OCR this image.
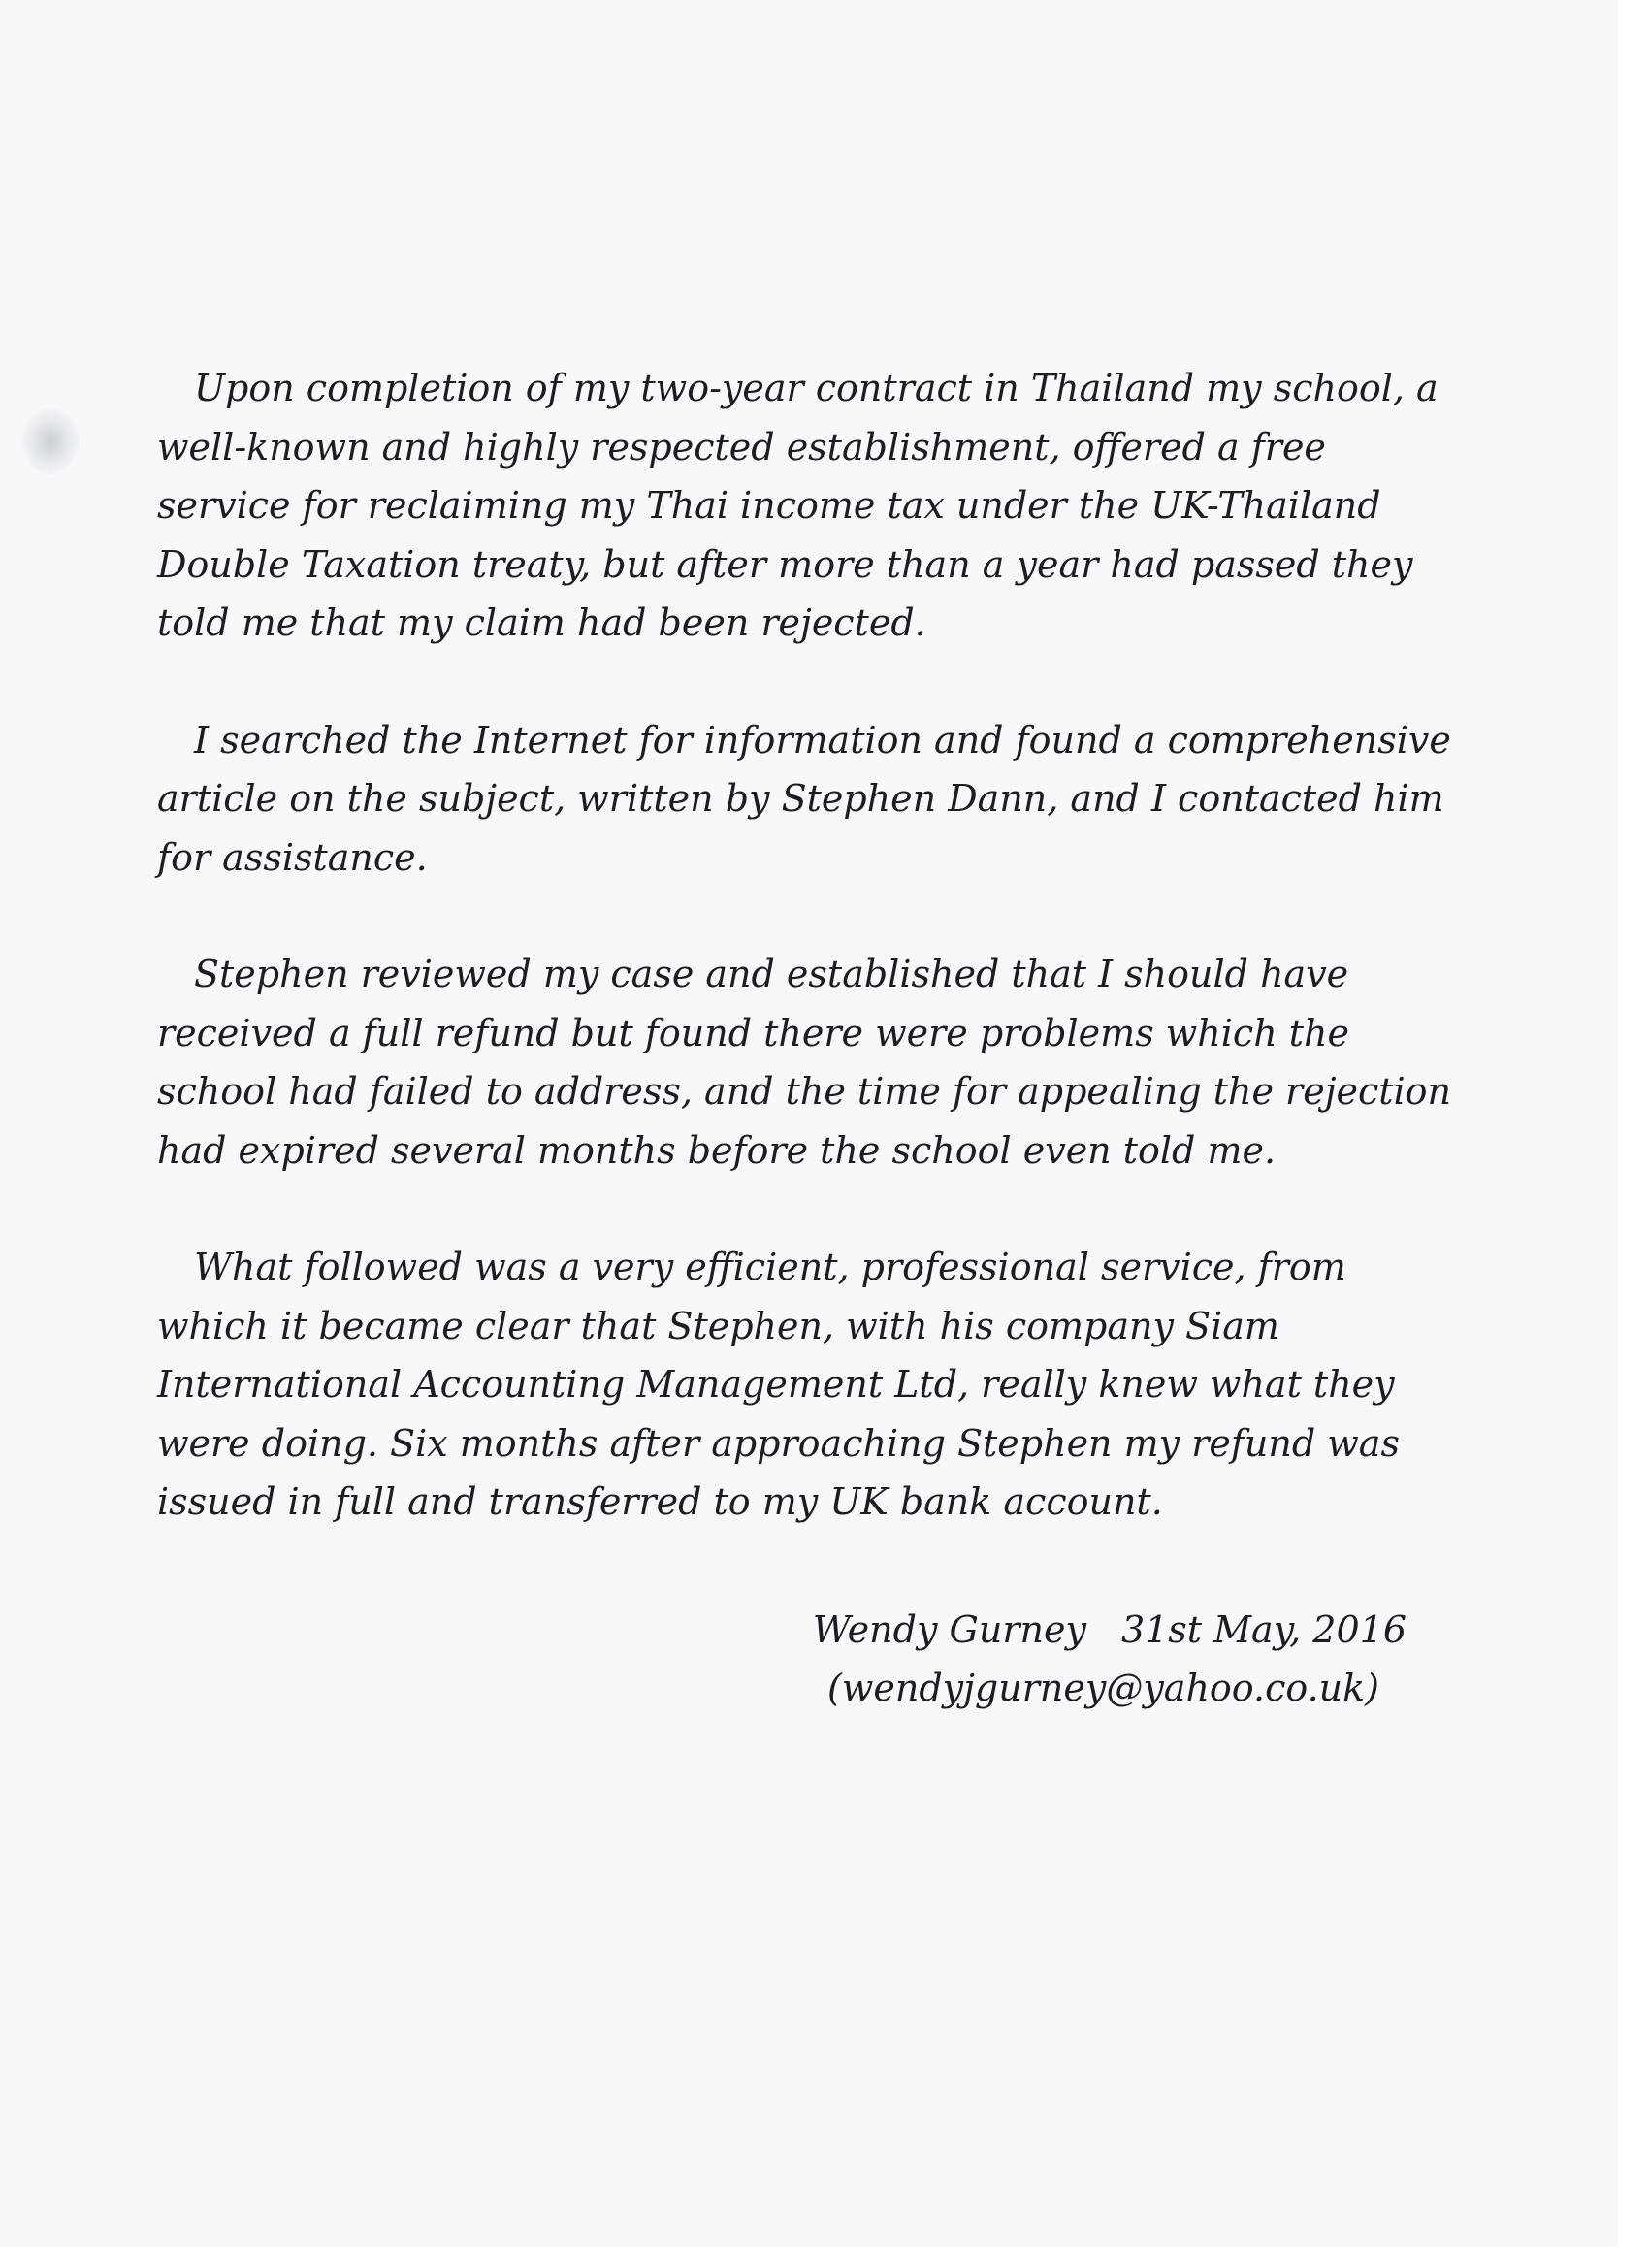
Upon completion of my two-year contract in Thailand my school, a well-known and highly respected establishment, offered a free service for reclaiming my Thai income tax under the UK-Thailand Double Taxation treaty, but after more than a year had passed they told me that my claim had been rejected.

I searched the Internet for information and found a comprehensive article on the subject, written by Stephen Dann, and I contacted him for assistance.

Stephen reviewed my case and established that I should have received a full refund but found there were problems which the school had failed to address, and the time for appealing the rejection had expired several months before the school even told me.

What followed was a very efficient, professional service, from which it became clear that Stephen, with his company Siam International Accounting Management Ltd, really knew what they were doing. Six months after approaching Stephen my refund was issued in full and transferred to my UK bank account.

Wendy Gurney 31st May, 2016
(wendyjgurney@yahoo.co.uk)
